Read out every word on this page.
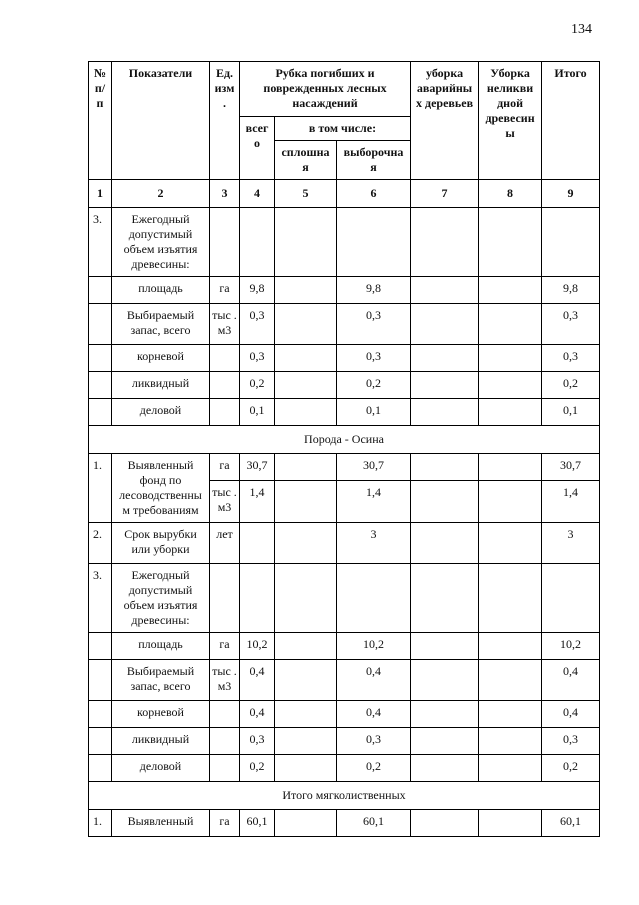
134
№ п/ п	Показатели	Ед. изм .	Рубка погибших и поврежденных лесных насаждений			уборка аварийны х деревьев	Уборка неликви дной древесин ы	Итого
			всег о	в том числе:				
				сплошна я	выборочна я			
1	2	3	4	5	6	7	8	9
3.	Ежегодный допустимый объем изъятия древесины:							
	площадь	га	9,8		9,8			9,8
	Выбираемый запас, всего	тыс . м3	0,3		0,3			0,3
	корневой		0,3		0,3			0,3
	ликвидный		0,2		0,2			0,2
	деловой		0,1		0,1			0,1
Порода - Осина								
1.	Выявленный фонд по лесоводственны м требованиям	га	30,7		30,7			30,7
		тыс . м3	1,4		1,4			1,4
2.	Срок вырубки или уборки	лет			3			3
3.	Ежегодный допустимый объем изъятия древесины:							
	площадь	га	10,2		10,2			10,2
	Выбираемый запас, всего	тыс . м3	0,4		0,4			0,4
	корневой		0,4		0,4			0,4
	ликвидный		0,3		0,3			0,3
	деловой		0,2		0,2			0,2
Итого мягколиственных								
1.	Выявленный	га	60,1		60,1			60,1
